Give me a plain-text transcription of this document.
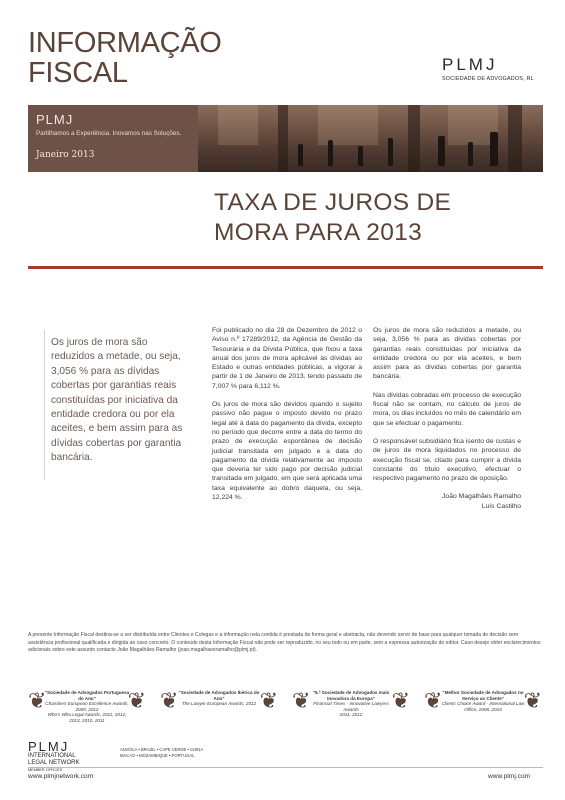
INFORMAÇÃO
FISCAL	PLMJ
SOCIEDADE DE ADVOGADOS, RL
PLMJ
Partilhamos a Experiência. Inovamos nas Soluções.
Janeiro 2013
TAXA DE JUROS DE
MORA PARA 2013
Os juros de mora são reduzidos a metade, ou seja, 3,056 % para as dívidas cobertas por garantias reais constituídas por iniciativa da entidade credora ou por ela aceites, e bem assim para as dívidas cobertas por garantia bancária.

Foi publicado no dia 28 de Dezembro de 2012 o Aviso n.º 17289/2012, da Agência de Gestão da Tesouraria e da Dívida Pública, que fixou a taxa anual dos juros de mora aplicável às dívidas ao Estado e outras entidades públicas, a vigorar a partir de 1 de Janeiro de 2013, tendo passado de 7,007 % para 6,112 %.

Os juros de mora são devidos quando o sujeito passivo não pague o imposto devido no prazo legal até à data do pagamento da dívida, excepto no período que decorre entre a data do termo do prazo de execução espontânea de decisão judicial transitada em julgado e a data do pagamento da dívida relativamente ao imposto que deveria ter sido pago por decisão judicial transitada em julgado, em que será aplicada uma taxa equivalente ao dobro daquela, ou seja, 12,224 %.

Os juros de mora são reduzidos a metade, ou seja, 3,056 % para as dívidas cobertas por garantias reais constituídas por iniciativa da entidade credora ou por ela aceites, e bem assim para as dívidas cobertas por garantia bancária.

Nas dívidas cobradas em processo de execução fiscal não se contam, no cálculo de juros de mora, os dias incluídos no mês de calendário em que se efectuar o pagamento.

O responsável subsidiário fica isento de custas e de juros de mora liquidados no processo de execução fiscal se, citado para cumprir a dívida constante do título executivo, efectuar o respectivo pagamento no prazo de oposição.

João Magalhães Ramalho
Luís Castilho
A presente Informação Fiscal destina-se a ser distribuída entre Clientes e Colegas e a informação nela contida é prestada de forma geral e abstracta, não devendo servir de base para qualquer tomada de decisão sem assistência profissional qualificada e dirigida ao caso concreto. O conteúdo desta Informação Fiscal não pode ser reproduzido, no seu todo ou em parte, sem a expressa autorização do editor. Caso deseje obter esclarecimentos adicionais sobre este assunto contacte João Magalhães Ramalho (joao.magalhaesramalho@plmj.pt).
❦
"Sociedade de Advogados Portuguesa do Ano"
Chambers European Excellence Awards, 2009, 2012
Who's Who Legal Awards, 2011, 2012, 2013, 2010, 2011
❦ ❦ "Sociedade de Advogados Ibérica do Ano"
The Lawyer European Awards, 2012 ❦ ❦ "6.ª Sociedade de Advogados mais Inovadora da Europa"
Financial Times - Innovative Lawyers Awards
2011, 2012
❦ ❦ "Melhor Sociedade de Advogados no Serviço ao Cliente"
Clients Choice Award - International Law
Office, 2008, 2010 ❦
PLMJ
INTERNATIONAL
LEGAL NETWORK
MEMBER OFFICES
ANGOLA • BRAZIL • CAPE VERDE • CHINA
MACAO • MOZAMBIQUE • PORTUGAL
www.plmjnetwork.com	www.plmj.com
